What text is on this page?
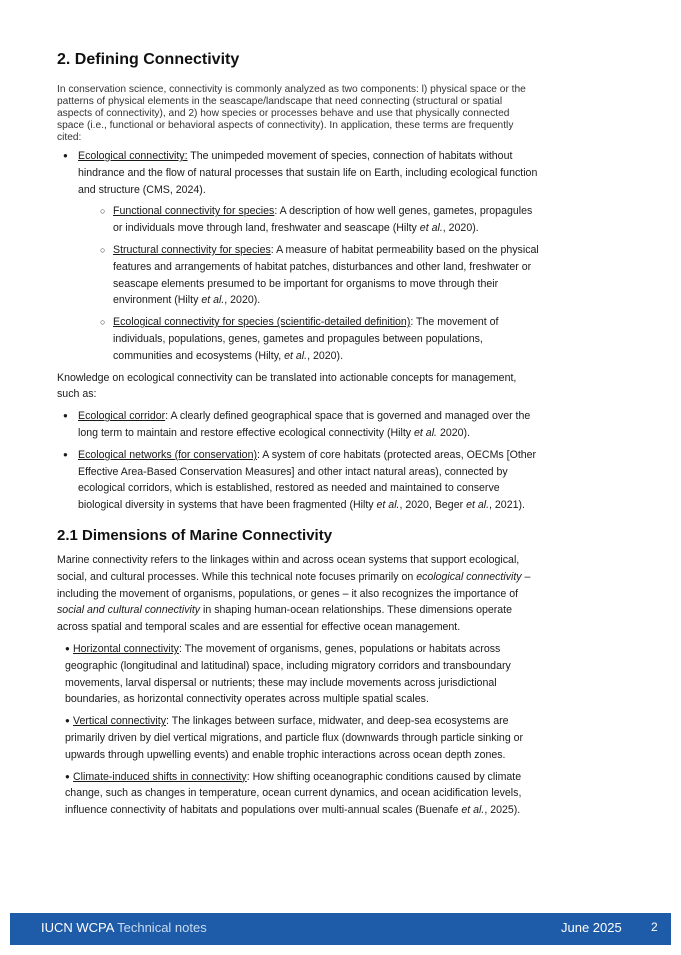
2. Defining Connectivity

In conservation science, connectivity is commonly analyzed as two components: l) physical space or the patterns of physical elements in the seascape/landscape that need connecting (structural or spatial aspects of connectivity), and 2) how species or processes behave and use that physically connected space (i.e., functional or behavioral aspects of connectivity). In application, these terms are frequently cited:

● Ecological connectivity: The unimpeded movement of species, connection of habitats without hindrance and the flow of natural processes that sustain life on Earth, including ecological function and structure (CMS, 2024).
○ Functional connectivity for species: A description of how well genes, gametes, propagules or individuals move through land, freshwater and seascape (Hilty et al., 2020).
○ Structural connectivity for species: A measure of habitat permeability based on the physical features and arrangements of habitat patches, disturbances and other land, freshwater or seascape elements presumed to be important for organisms to move through their environment (Hilty et al., 2020).
○ Ecological connectivity for species (scientific-detailed definition): The movement of individuals, populations, genes, gametes and propagules between populations, communities and ecosystems (Hilty, et al., 2020).

Knowledge on ecological connectivity can be translated into actionable concepts for management, such as:

● Ecological corridor: A clearly defined geographical space that is governed and managed over the long term to maintain and restore effective ecological connectivity (Hilty et al. 2020).
● Ecological networks (for conservation): A system of core habitats (protected areas, OECMs [Other Effective Area-Based Conservation Measures] and other intact natural areas), connected by ecological corridors, which is established, restored as needed and maintained to conserve biological diversity in systems that have been fragmented (Hilty et al., 2020, Beger et al., 2021).
2.1 Dimensions of Marine Connectivity

Marine connectivity refers to the linkages within and across ocean systems that support ecological, social, and cultural processes. While this technical note focuses primarily on ecological connectivity – including the movement of organisms, populations, or genes – it also recognizes the importance of social and cultural connectivity in shaping human-ocean relationships. These dimensions operate across spatial and temporal scales and are essential for effective ocean management.

● Horizontal connectivity: The movement of organisms, genes, populations or habitats across geographic (longitudinal and latitudinal) space, including migratory corridors and transboundary movements, larval dispersal or nutrients; these may include movements across jurisdictional boundaries, as horizontal connectivity operates across multiple spatial scales.
● Vertical connectivity: The linkages between surface, midwater, and deep-sea ecosystems are primarily driven by diel vertical migrations, and particle flux (downwards through particle sinking or upwards through upwelling events) and enable trophic interactions across ocean depth zones.
● Climate-induced shifts in connectivity: How shifting oceanographic conditions caused by climate change, such as changes in temperature, ocean current dynamics, and ocean acidification levels, influence connectivity of habitats and populations over multi-annual scales (Buenafe et al., 2025).
IUCN WCPA Technical notes	June 2025 2
